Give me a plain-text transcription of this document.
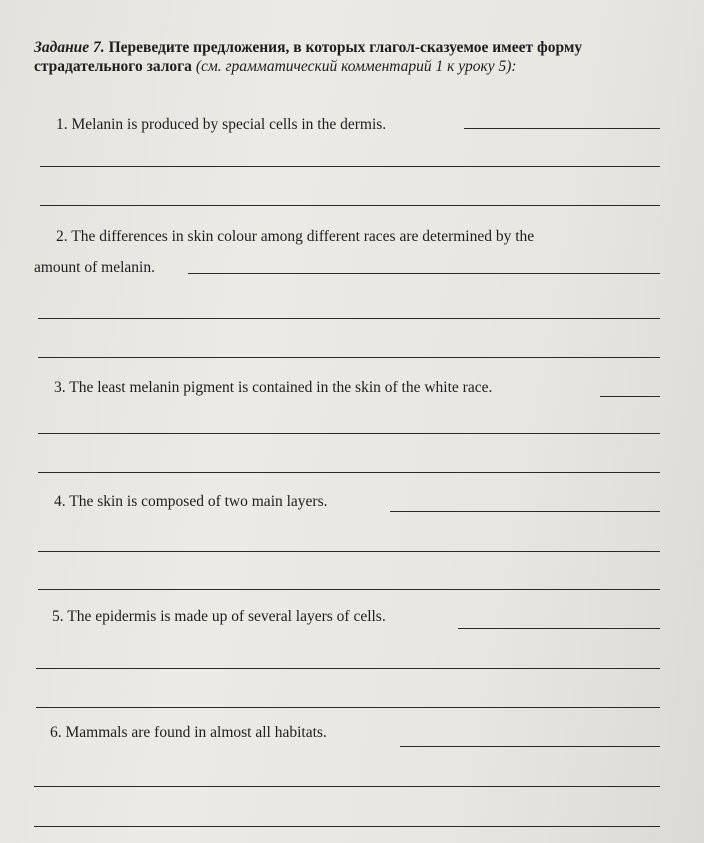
Задание 7. Переведите предложения, в которых глагол-сказуемое имеет форму страдательного залога (см. грамматический комментарий 1 к уроку 5):
1. Melanin is produced by special cells in the dermis.
2. The differences in skin colour among different races are determined by the
amount of melanin.
3. The least melanin pigment is contained in the skin of the white race.
4. The skin is composed of two main layers.
5. The epidermis is made up of several layers of cells.
6. Mammals are found in almost all habitats.
